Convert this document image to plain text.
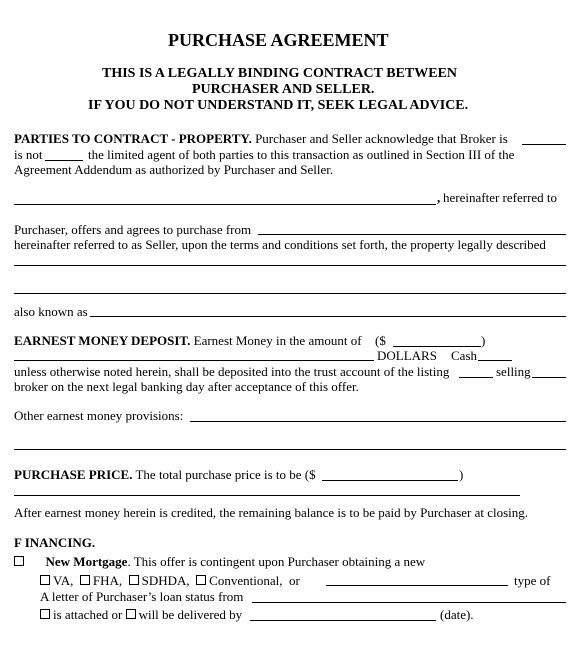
PURCHASE AGREEMENT
THIS IS A LEGALLY BINDING CONTRACT BETWEEN
PURCHASER AND SELLER.
IF YOU DO NOT UNDERSTAND IT, SEEK LEGAL ADVICE.
PARTIES TO CONTRACT - PROPERTY. Purchaser and Seller acknowledge that Broker is
is not	the limited agent of both parties to this transaction as outlined in Section III of the
Agreement Addendum as authorized by Purchaser and Seller.
, hereinafter referred to
Purchaser, offers and agrees to purchase from
hereinafter referred to as Seller, upon the terms and conditions set forth, the property legally described
also known as
EARNEST MONEY DEPOSIT. Earnest Money in the amount of ($	)
DOLLARS Cash
unless otherwise noted herein, shall be deposited into the trust account of the listing	selling
broker on the next legal banking day after acceptance of this offer.
Other earnest money provisions:
PURCHASE PRICE. The total purchase price is to be ($	)
After earnest money herein is credited, the remaining balance is to be paid by Purchaser at closing.
F INANCING.
New Mortgage. This offer is contingent upon Purchaser obtaining a new
VA, FHA, SDHDA, Conventional, or	type of
A letter of Purchaser’s loan status from
is attached or will be delivered by	(date).
